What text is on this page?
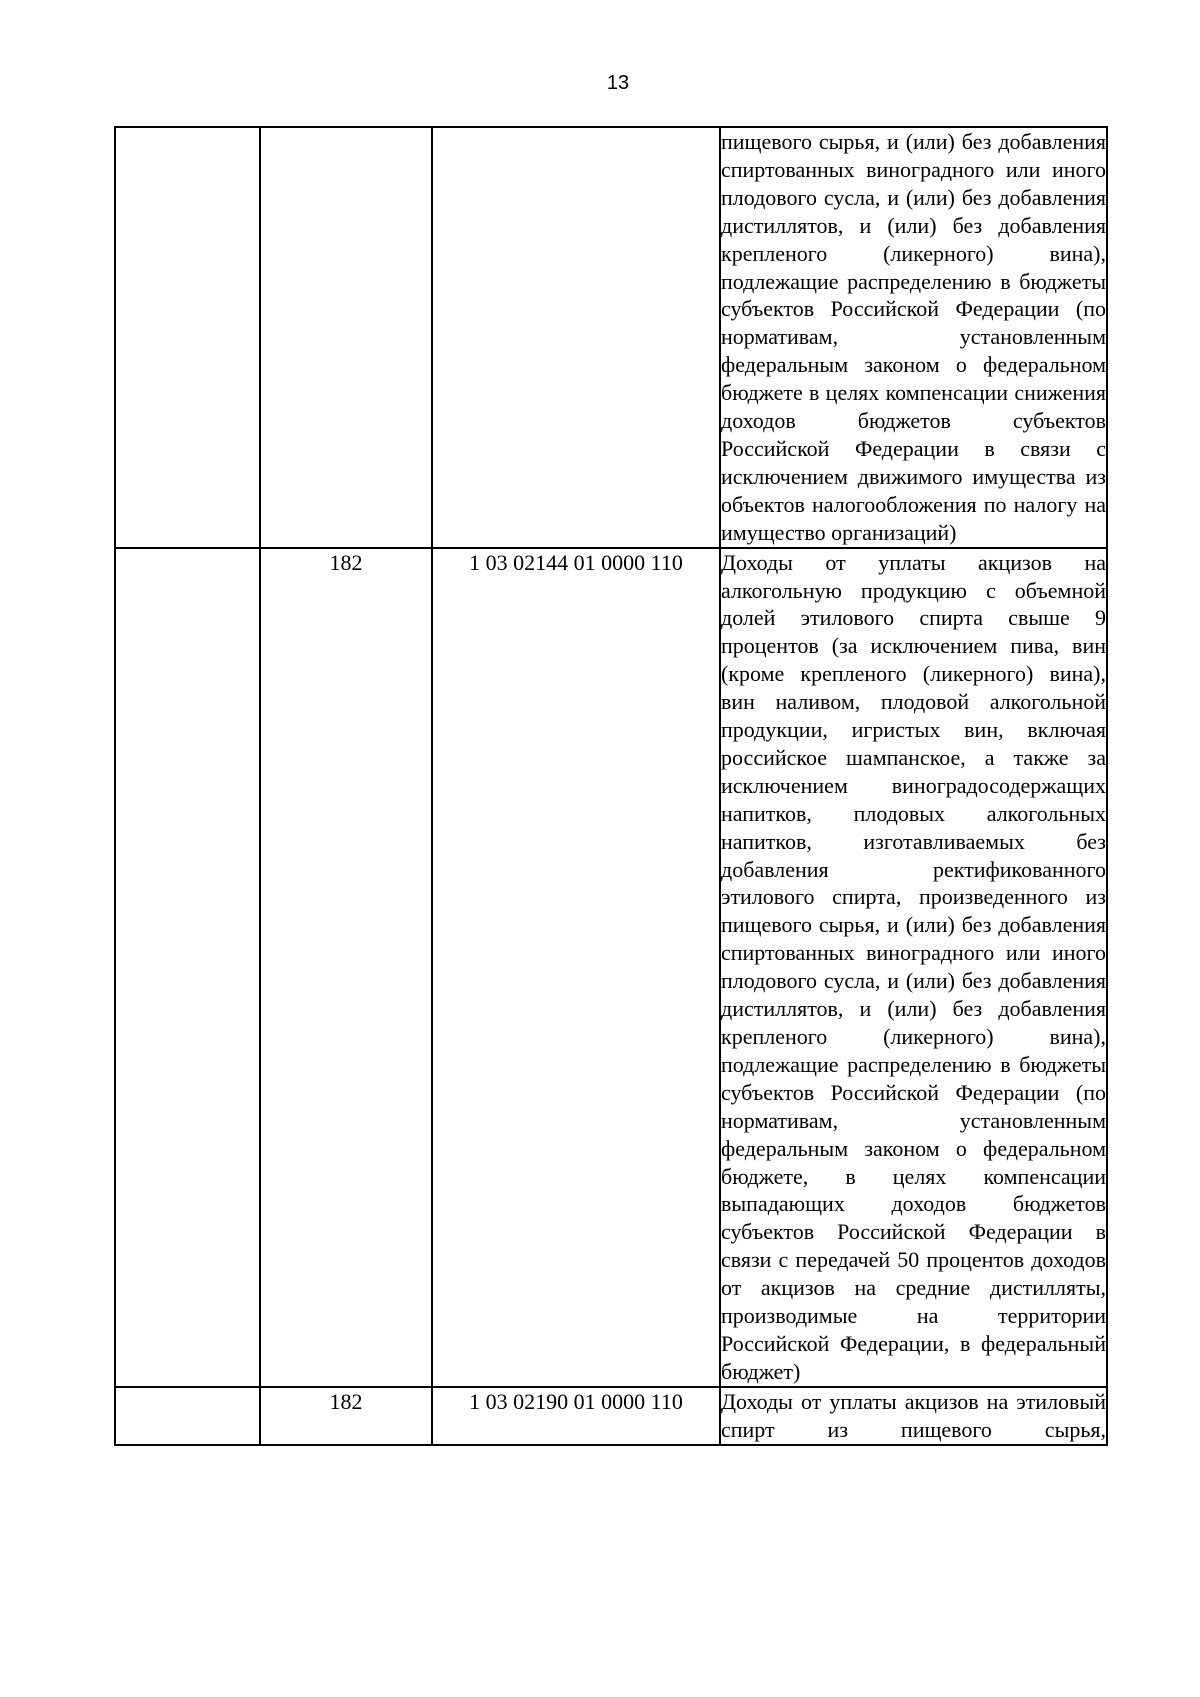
13

			пищевого сырья, и (или) без добавления спиртованных виноградного или иного плодового сусла, и (или) без добавления дистиллятов, и (или) без добавления крепленого (ликерного) вина), подлежащие распределению в бюджеты субъектов Российской Федерации (по нормативам, установленным федеральным законом о федеральном бюджете в целях компенсации снижения доходов бюджетов субъектов Российской Федерации в связи с исключением движимого имущества из объектов налогообложения по налогу на имущество организаций)

	182	1 03 02144 01 0000 110	Доходы от уплаты акцизов на алкогольную продукцию с объемной долей этилового спирта свыше 9 процентов (за исключением пива, вин (кроме крепленого (ликерного) вина), вин наливом, плодовой алкогольной продукции, игристых вин, включая российское шампанское, а также за исключением виноградосодержащих напитков, плодовых алкогольных напитков, изготавливаемых без добавления ректификованного этилового спирта, произведенного из пищевого сырья, и (или) без добавления спиртованных виноградного или иного плодового сусла, и (или) без добавления дистиллятов, и (или) без добавления крепленого (ликерного) вина), подлежащие распределению в бюджеты субъектов Российской Федерации (по нормативам, установленным федеральным законом о федеральном бюджете, в целях компенсации выпадающих доходов бюджетов субъектов Российской Федерации в связи с передачей 50 процентов доходов от акцизов на средние дистилляты, производимые на территории Российской Федерации, в федеральный бюджет)

	182	1 03 02190 01 0000 110	Доходы от уплаты акцизов на этиловый спирт из пищевого сырья,
